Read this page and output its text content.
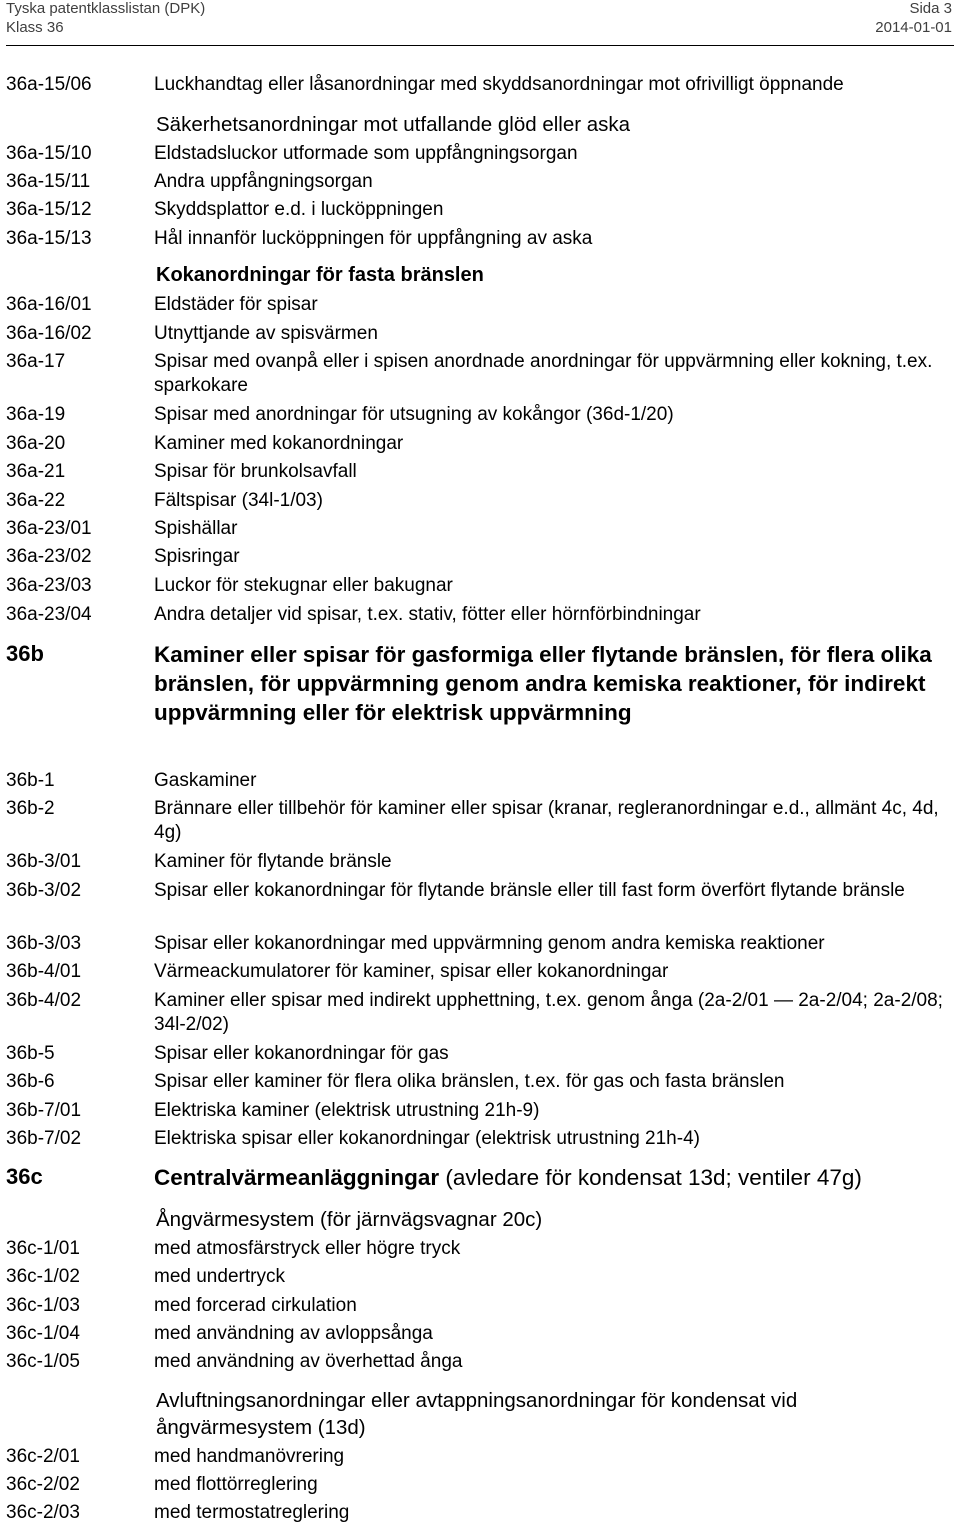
Tyska patentklasslistan (DPK)
Klass 36
Sida 3
2014-01-01
36a-15/06	Luckhandtag eller låsanordningar med skyddsanordningar mot ofrivilligt öppnande
Säkerhetsanordningar mot utfallande glöd eller aska
36a-15/10	Eldstadsluckor utformade som uppfångningsorgan
36a-15/11	Andra uppfångningsorgan
36a-15/12	Skyddsplattor e.d. i lucköppningen
36a-15/13	Hål innanför lucköppningen för uppfångning av aska
Kokanordningar för fasta bränslen
36a-16/01	Eldstäder för spisar
36a-16/02	Utnyttjande av spisvärmen
36a-17	Spisar med ovanpå eller i spisen anordnade anordningar för uppvärmning eller kokning, t.ex. sparkokare
36a-19	Spisar med anordningar för utsugning av kokångor (36d-1/20)
36a-20	Kaminer med kokanordningar
36a-21	Spisar för brunkolsavfall
36a-22	Fältspisar (34l-1/03)
36a-23/01	Spishällar
36a-23/02	Spisringar
36a-23/03	Luckor för stekugnar eller bakugnar
36a-23/04	Andra detaljer vid spisar, t.ex. stativ, fötter eller hörnförbindningar
36b	Kaminer eller spisar för gasformiga eller flytande bränslen, för flera olika bränslen, för uppvärmning genom andra kemiska reaktioner, för indirekt uppvärmning eller för elektrisk uppvärmning
36b-1	Gaskaminer
36b-2	Brännare eller tillbehör för kaminer eller spisar (kranar, regleranordningar e.d., allmänt 4c, 4d, 4g)
36b-3/01	Kaminer för flytande bränsle
36b-3/02	Spisar eller kokanordningar för flytande bränsle eller till fast form överfört flytande bränsle
36b-3/03	Spisar eller kokanordningar med uppvärmning genom andra kemiska reaktioner
36b-4/01	Värmeackumulatorer för kaminer, spisar eller kokanordningar
36b-4/02	Kaminer eller spisar med indirekt upphettning, t.ex. genom ånga (2a-2/01 — 2a-2/04; 2a-2/08; 34l-2/02)
36b-5	Spisar eller kokanordningar för gas
36b-6	Spisar eller kaminer för flera olika bränslen, t.ex. för gas och fasta bränslen
36b-7/01	Elektriska kaminer (elektrisk utrustning 21h-9)
36b-7/02	Elektriska spisar eller kokanordningar (elektrisk utrustning 21h-4)
36c	Centralvärmeanläggningar (avledare för kondensat 13d; ventiler 47g)
Ångvärmesystem (för järnvägsvagnar 20c)
36c-1/01	med atmosfärstryck eller högre tryck
36c-1/02	med undertryck
36c-1/03	med forcerad cirkulation
36c-1/04	med användning av avloppsånga
36c-1/05	med användning av överhettad ånga
Avluftningsanordningar eller avtappningsanordningar för kondensat vid ångvärmesystem (13d)
36c-2/01	med handmanövrering
36c-2/02	med flottörreglering
36c-2/03	med termostatreglering
